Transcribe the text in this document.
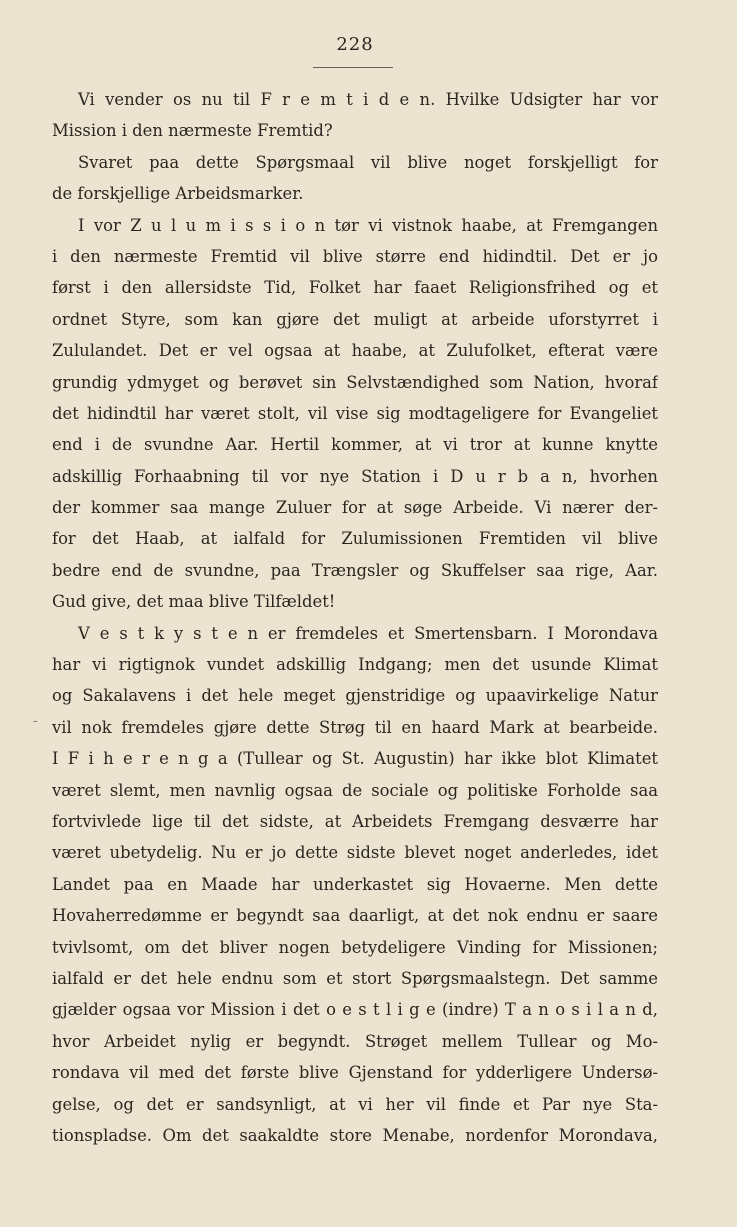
228
-
Vi vender os nu til F r e m t i d e n. Hvilke Udsigter har vor
Mission i den nærmeste Fremtid?
Svaret paa dette Spørgsmaal vil blive noget forskjelligt for
de forskjellige Arbeidsmarker.
I vor Z u l u m i s s i o n tør vi vistnok haabe, at Fremgangen
i den nærmeste Fremtid vil blive større end hidindtil. Det er jo
først i den allersidste Tid, Folket har faaet Religionsfrihed og et
ordnet Styre, som kan gjøre det muligt at arbeide uforstyrret i
Zululandet. Det er vel ogsaa at haabe, at Zulufolket, efterat være
grundig ydmyget og berøvet sin Selvstændighed som Nation, hvoraf
det hidindtil har været stolt, vil vise sig modtageligere for Evangeliet
end i de svundne Aar. Hertil kommer, at vi tror at kunne knytte
adskillig Forhaabning til vor nye Station i D u r b a n, hvorhen
der kommer saa mange Zuluer for at søge Arbeide. Vi nærer der-
for det Haab, at ialfald for Zulumissionen Fremtiden vil blive
bedre end de svundne, paa Trængsler og Skuffelser saa rige, Aar.
Gud give, det maa blive Tilfældet!
V e s t k y s t e n er fremdeles et Smertensbarn. I Morondava
har vi rigtignok vundet adskillig Indgang; men det usunde Klimat
og Sakalavens i det hele meget gjenstridige og upaavirkelige Natur
vil nok fremdeles gjøre dette Strøg til en haard Mark at bearbeide.
I F i h e r e n g a (Tullear og St. Augustin) har ikke blot Klimatet
været slemt, men navnlig ogsaa de sociale og politiske Forholde saa
fortvivlede lige til det sidste, at Arbeidets Fremgang desværre har
været ubetydelig. Nu er jo dette sidste blevet noget anderledes, idet
Landet paa en Maade har underkastet sig Hovaerne. Men dette
Hovaherredømme er begyndt saa daarligt, at det nok endnu er saare
tvivlsomt, om det bliver nogen betydeligere Vinding for Missionen;
ialfald er det hele endnu som et stort Spørgsmaalstegn. Det samme
gjælder ogsaa vor Mission i det o e s t l i g e (indre) T a n o s i l a n d,
hvor Arbeidet nylig er begyndt. Strøget mellem Tullear og Mo-
rondava vil med det første blive Gjenstand for ydderligere Undersø-
gelse, og det er sandsynligt, at vi her vil finde et Par nye Sta-
tionspladse. Om det saakaldte store Menabe, nordenfor Morondava,
